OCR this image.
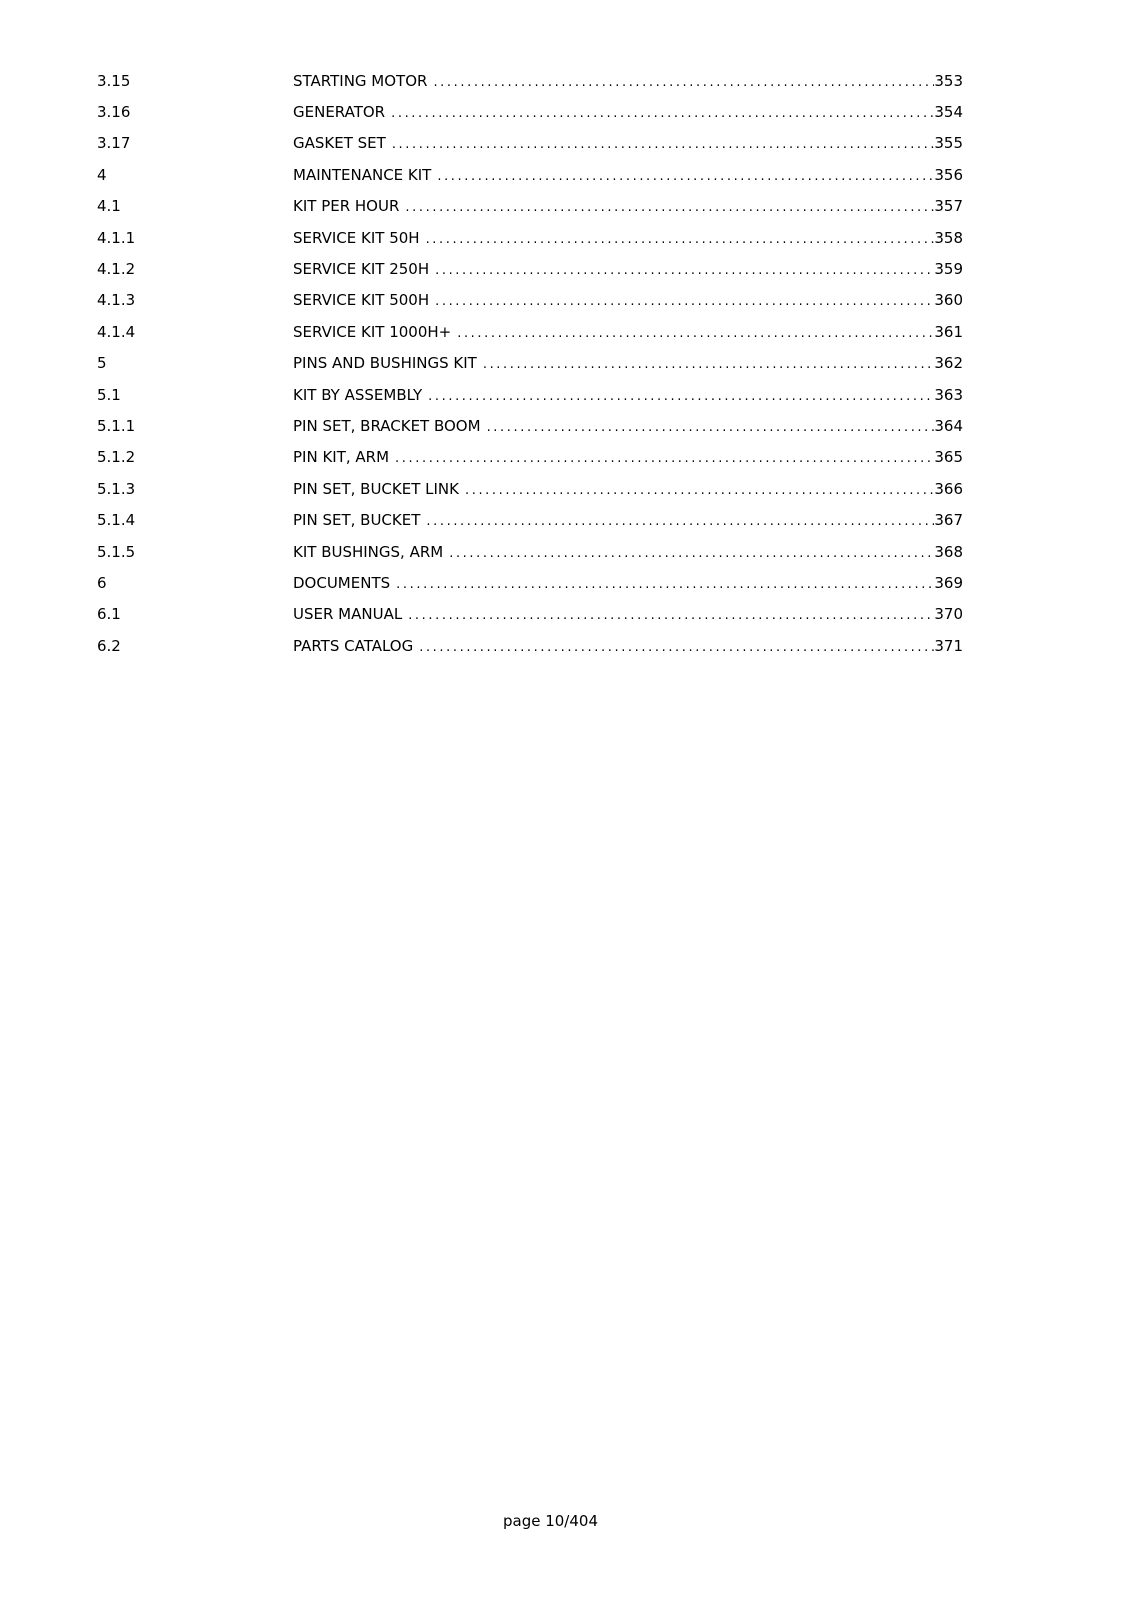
3.15	STARTING MOTOR .....	353
3.16	GENERATOR .....	354
3.17	GASKET SET .....	355
4	MAINTENANCE KIT .....	356
4.1	KIT PER HOUR .....	357
4.1.1	SERVICE KIT 50H .....	358
4.1.2	SERVICE KIT 250H .....	359
4.1.3	SERVICE KIT 500H .....	360
4.1.4	SERVICE KIT 1000H+ .....	361
5	PINS AND BUSHINGS KIT .....	362
5.1	KIT BY ASSEMBLY .....	363
5.1.1	PIN SET, BRACKET BOOM .....	364
5.1.2	PIN KIT, ARM .....	365
5.1.3	PIN SET, BUCKET LINK .....	366
5.1.4	PIN SET, BUCKET .....	367
5.1.5	KIT BUSHINGS, ARM .....	368
6	DOCUMENTS .....	369
6.1	USER MANUAL .....	370
6.2	PARTS CATALOG .....	371
page 10/404
